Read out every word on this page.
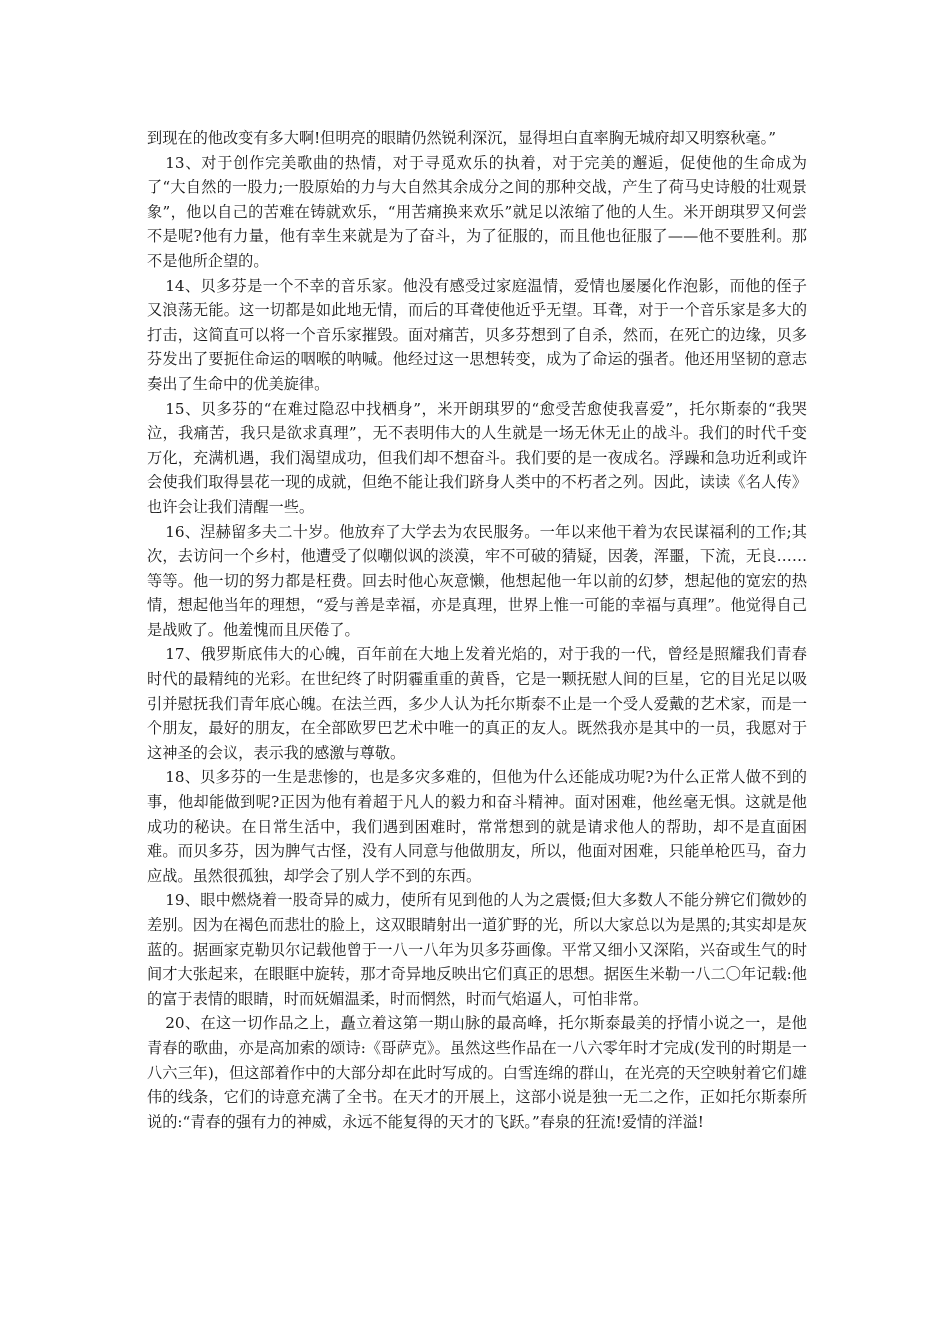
到现在的他改变有多大啊!但明亮的眼睛仍然锐利深沉，显得坦白直率胸无城府却又明察秋毫。”

13、对于创作完美歌曲的热情，对于寻觅欢乐的执着，对于完美的邂逅，促使他的生命成为了“大自然的一股力;一股原始的力与大自然其余成分之间的那种交战，产生了荷马史诗般的壮观景象”，他以自己的苦难在铸就欢乐，“用苦痛换来欢乐”就足以浓缩了他的人生。米开朗琪罗又何尝不是呢?他有力量，他有幸生来就是为了奋斗，为了征服的，而且他也征服了——他不要胜利。那不是他所企望的。

14、贝多芬是一个不幸的音乐家。他没有感受过家庭温情，爱情也屡屡化作泡影，而他的侄子又浪荡无能。这一切都是如此地无情，而后的耳聋使他近乎无望。耳聋，对于一个音乐家是多大的打击，这简直可以将一个音乐家摧毁。面对痛苦，贝多芬想到了自杀，然而，在死亡的边缘，贝多芬发出了要扼住命运的咽喉的呐喊。他经过这一思想转变，成为了命运的强者。他还用坚韧的意志奏出了生命中的优美旋律。

15、贝多芬的“在难过隐忍中找栖身”，米开朗琪罗的“愈受苦愈使我喜爱”，托尔斯泰的“我哭泣，我痛苦，我只是欲求真理”，无不表明伟大的人生就是一场无休无止的战斗。我们的时代千变万化，充满机遇，我们渴望成功，但我们却不想奋斗。我们要的是一夜成名。浮躁和急功近利或许会使我们取得昙花一现的成就，但绝不能让我们跻身人类中的不朽者之列。因此，读读《名人传》也许会让我们清醒一些。

16、涅赫留多夫二十岁。他放弃了大学去为农民服务。一年以来他干着为农民谋福利的工作;其次，去访问一个乡村，他遭受了似嘲似讽的淡漠，牢不可破的猜疑，因袭，浑噩，下流，无良……等等。他一切的努力都是枉费。回去时他心灰意懒，他想起他一年以前的幻梦，想起他的宽宏的热情，想起他当年的理想，“爱与善是幸福，亦是真理，世界上惟一可能的幸福与真理”。他觉得自己是战败了。他羞愧而且厌倦了。

17、俄罗斯底伟大的心魄，百年前在大地上发着光焰的，对于我的一代，曾经是照耀我们青春时代的最精纯的光彩。在世纪终了时阴霾重重的黄昏，它是一颗抚慰人间的巨星，它的目光足以吸引并慰抚我们青年底心魄。在法兰西，多少人认为托尔斯泰不止是一个受人爱戴的艺术家，而是一个朋友，最好的朋友，在全部欧罗巴艺术中唯一的真正的友人。既然我亦是其中的一员，我愿对于这神圣的会议，表示我的感激与尊敬。

18、贝多芬的一生是悲惨的，也是多灾多难的，但他为什么还能成功呢?为什么正常人做不到的事，他却能做到呢?正因为他有着超于凡人的毅力和奋斗精神。面对困难，他丝毫无惧。这就是他成功的秘诀。在日常生活中，我们遇到困难时，常常想到的就是请求他人的帮助，却不是直面困难。而贝多芬，因为脾气古怪，没有人同意与他做朋友，所以，他面对困难，只能单枪匹马，奋力应战。虽然很孤独，却学会了别人学不到的东西。

19、眼中燃烧着一股奇异的威力，使所有见到他的人为之震慑;但大多数人不能分辨它们微妙的差别。因为在褐色而悲壮的脸上，这双眼睛射出一道犷野的光，所以大家总以为是黑的;其实却是灰蓝的。据画家克勒贝尔记载他曾于一八一八年为贝多芬画像。平常又细小又深陷，兴奋或生气的时间才大张起来，在眼眶中旋转，那才奇异地反映出它们真正的思想。据医生米勒一八二〇年记载:他的富于表情的眼睛，时而妩媚温柔，时而惘然，时而气焰逼人，可怕非常。

20、在这一切作品之上，矗立着这第一期山脉的最高峰，托尔斯泰最美的抒情小说之一，是他青春的歌曲，亦是高加索的颂诗:《哥萨克》。虽然这些作品在一八六零年时才完成(发刊的时期是一八六三年)，但这部着作中的大部分却在此时写成的。白雪连绵的群山，在光亮的天空映射着它们雄伟的线条，它们的诗意充满了全书。在天才的开展上，这部小说是独一无二之作，正如托尔斯泰所说的:“青春的强有力的神威，永远不能复得的天才的飞跃。”春泉的狂流!爱情的洋溢!
